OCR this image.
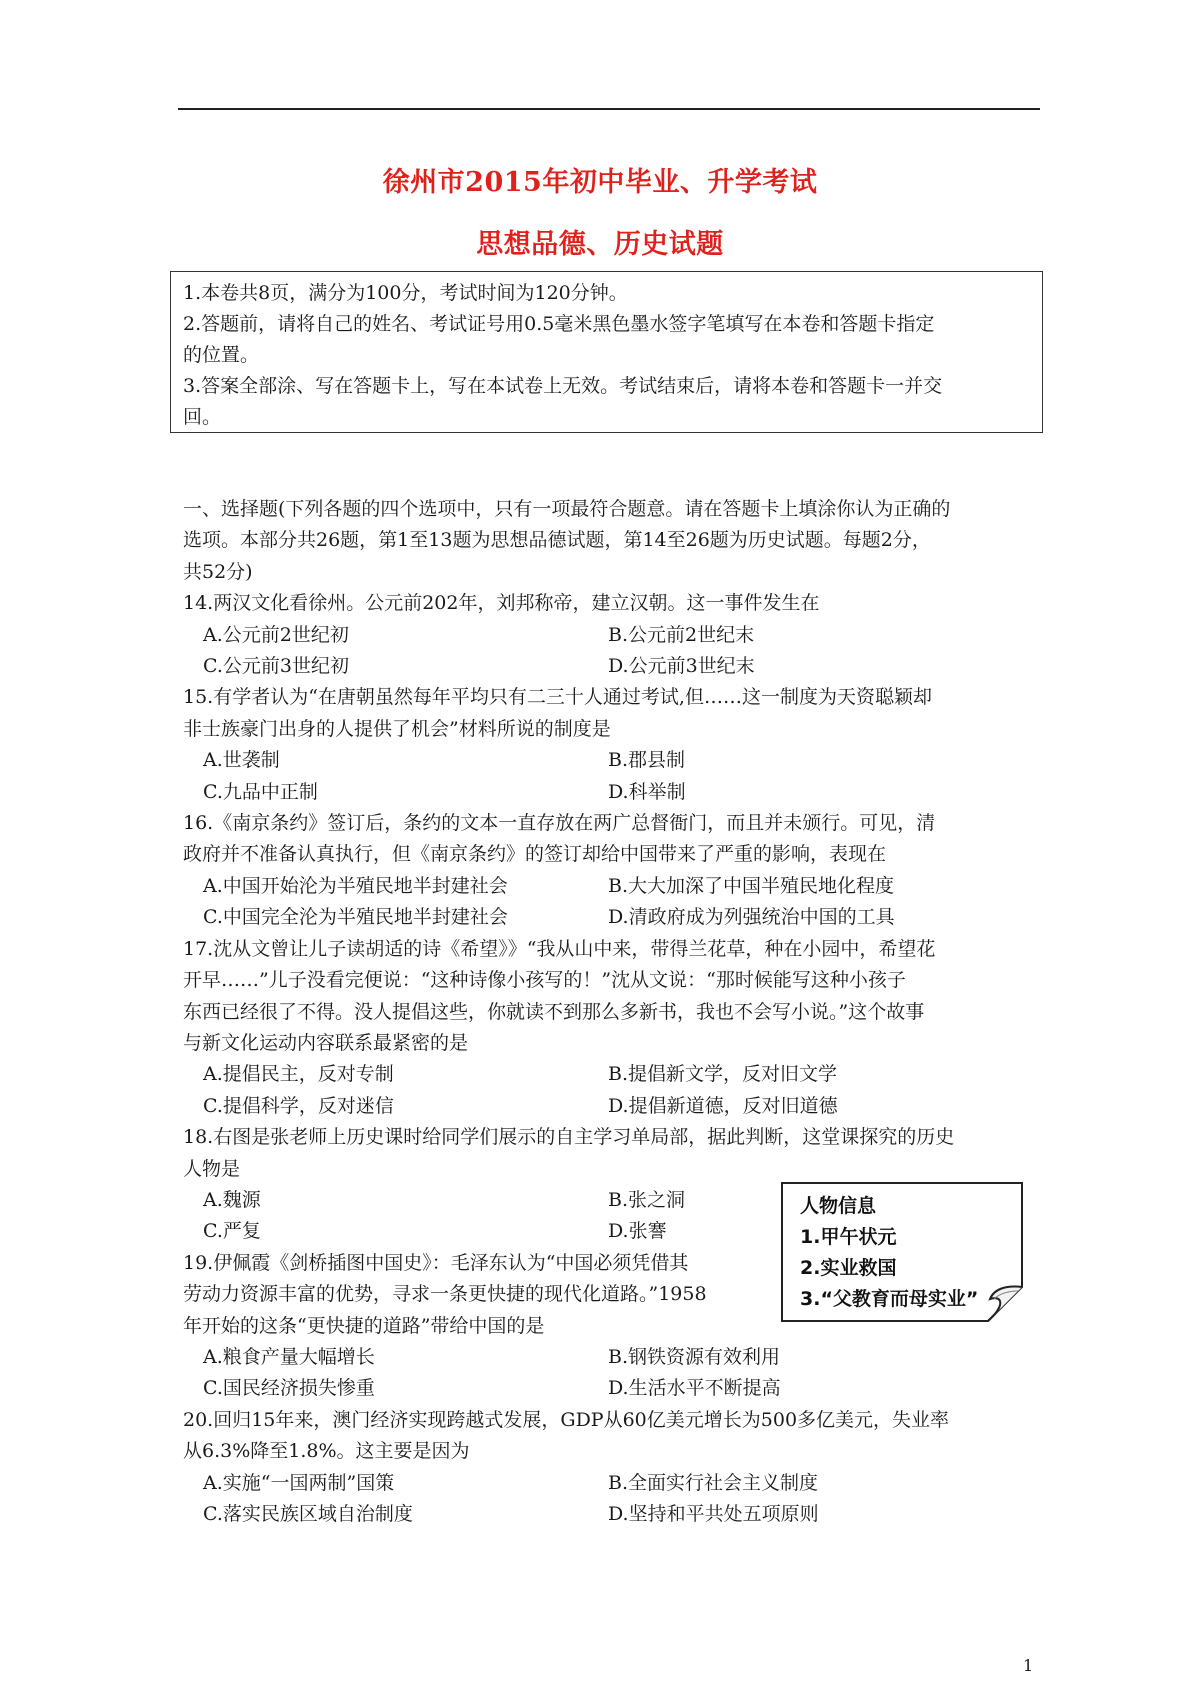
徐州市2015年初中毕业、升学考试
思想品德、历史试题

1.本卷共8页，满分为100分，考试时间为120分钟。

2.答题前，请将自己的姓名、考试证号用0.5毫米黑色墨水签字笔填写在本卷和答题卡指定

的位置。

3.答案全部涂、写在答题卡上，写在本试卷上无效。考试结束后，请将本卷和答题卡一并交

回。

一、选择题(下列各题的四个选项中，只有一项最符合题意。请在答题卡上填涂你认为正确的

选项。本部分共26题，第1至13题为思想品德试题，第14至26题为历史试题。每题2分，

共52分)

14.两汉文化看徐州。公元前202年，刘邦称帝，建立汉朝。这一事件发生在

A.公元前2世纪初	B.公元前2世纪末
C.公元前3世纪初	D.公元前3世纪末

15.有学者认为“在唐朝虽然每年平均只有二三十人通过考试,但……这一制度为天资聪颖却

非士族豪门出身的人提供了机会”材料所说的制度是

A.世袭制	B.郡县制
C.九品中正制	D.科举制

16.《南京条约》签订后，条约的文本一直存放在两广总督衙门，而且并未颁行。可见，清

政府并不准备认真执行，但《南京条约》的签订却给中国带来了严重的影响，表现在

A.中国开始沦为半殖民地半封建社会	B.大大加深了中国半殖民地化程度
C.中国完全沦为半殖民地半封建社会	D.清政府成为列强统治中国的工具

17.沈从文曾让儿子读胡适的诗《希望》》“我从山中来，带得兰花草，种在小园中，希望花

开早……”儿子没看完便说：“这种诗像小孩写的！”沈从文说：“那时候能写这种小孩子

东西已经很了不得。没人提倡这些，你就读不到那么多新书，我也不会写小说。”这个故事

与新文化运动内容联系最紧密的是

A.提倡民主，反对专制	B.提倡新文学，反对旧文学
C.提倡科学，反对迷信	D.提倡新道德，反对旧道德

18.右图是张老师上历史课时给同学们展示的自主学习单局部，据此判断，这堂课探究的历史

人物是

A.魏源	B.张之洞
C.严复	D.张謇

19.伊佩霞《剑桥插图中国史》：毛泽东认为“中国必须凭借其

劳动力资源丰富的优势，寻求一条更快捷的现代化道路。”1958

年开始的这条“更快捷的道路”带给中国的是

A.粮食产量大幅增长	B.钢铁资源有效利用
C.国民经济损失惨重	D.生活水平不断提高

20.回归15年来，澳门经济实现跨越式发展，GDP从60亿美元增长为500多亿美元，失业率

从6.3%降至1.8%。这主要是因为

A.实施“一国两制”国策	B.全面实行社会主义制度
C.落实民族区域自治制度	D.坚持和平共处五项原则
人物信息
1.甲午状元
2.实业救国
3.“父教育而母实业”
1
